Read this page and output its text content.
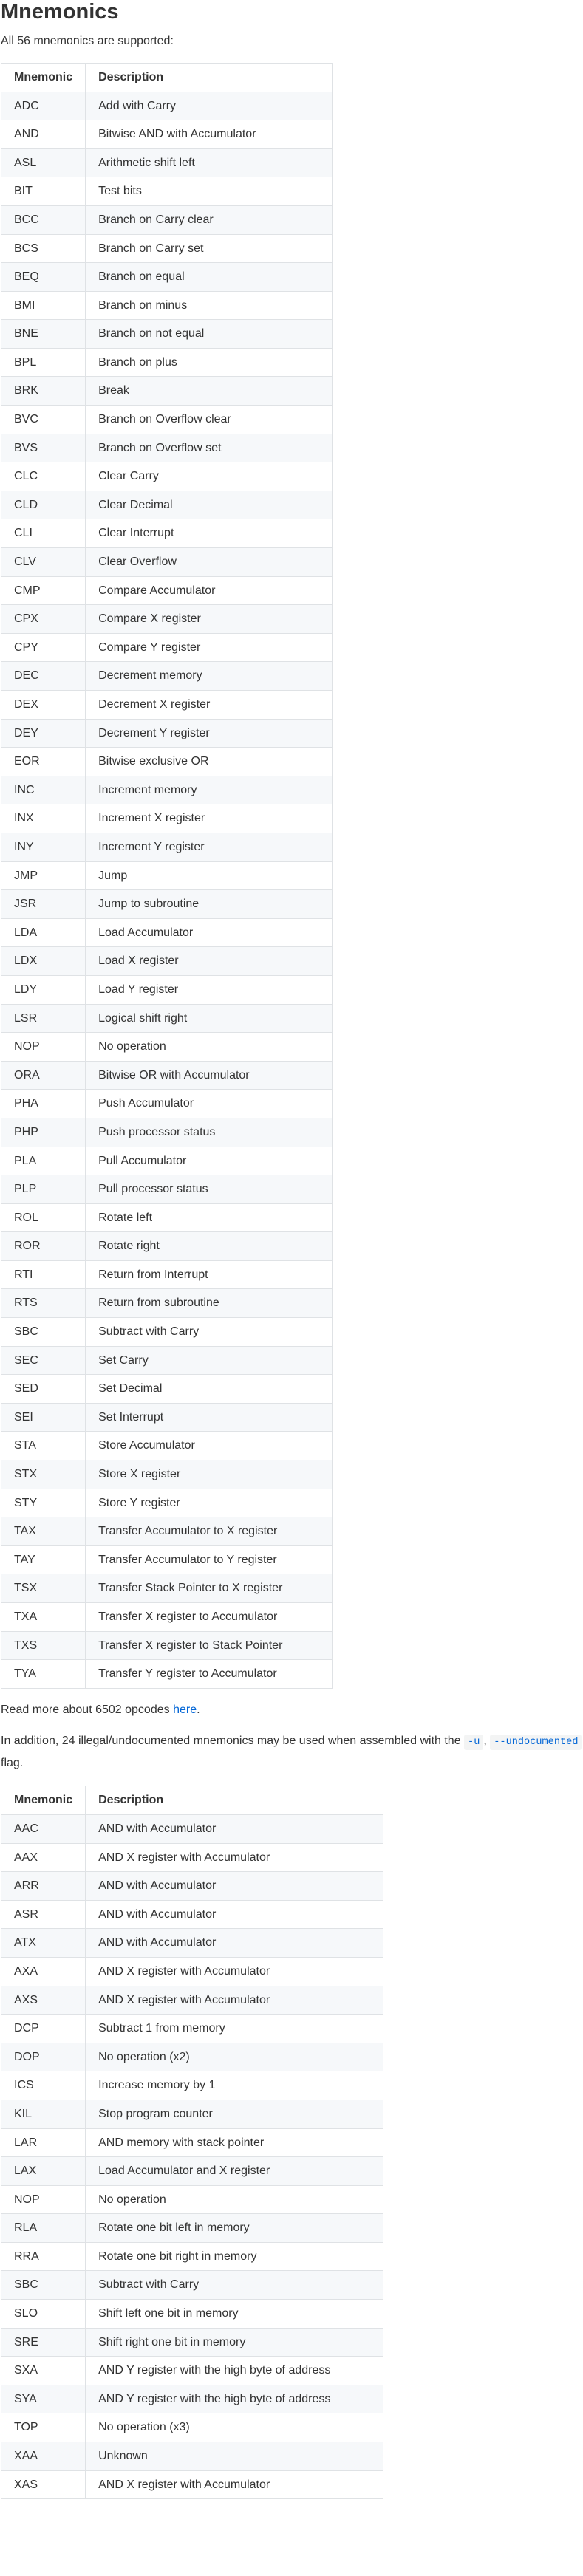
Mnemonics

All 56 mnemonics are supported:

Mnemonic	Description
ADC	Add with Carry
AND	Bitwise AND with Accumulator
ASL	Arithmetic shift left
BIT	Test bits
BCC	Branch on Carry clear
BCS	Branch on Carry set
BEQ	Branch on equal
BMI	Branch on minus
BNE	Branch on not equal
BPL	Branch on plus
BRK	Break
BVC	Branch on Overflow clear
BVS	Branch on Overflow set
CLC	Clear Carry
CLD	Clear Decimal
CLI	Clear Interrupt
CLV	Clear Overflow
CMP	Compare Accumulator
CPX	Compare X register
CPY	Compare Y register
DEC	Decrement memory
DEX	Decrement X register
DEY	Decrement Y register
EOR	Bitwise exclusive OR
INC	Increment memory
INX	Increment X register
INY	Increment Y register
JMP	Jump
JSR	Jump to subroutine
LDA	Load Accumulator
LDX	Load X register
LDY	Load Y register
LSR	Logical shift right
NOP	No operation
ORA	Bitwise OR with Accumulator
PHA	Push Accumulator
PHP	Push processor status
PLA	Pull Accumulator
PLP	Pull processor status
ROL	Rotate left
ROR	Rotate right
RTI	Return from Interrupt
RTS	Return from subroutine
SBC	Subtract with Carry
SEC	Set Carry
SED	Set Decimal
SEI	Set Interrupt
STA	Store Accumulator
STX	Store X register
STY	Store Y register
TAX	Transfer Accumulator to X register
TAY	Transfer Accumulator to Y register
TSX	Transfer Stack Pointer to X register
TXA	Transfer X register to Accumulator
TXS	Transfer X register to Stack Pointer
TYA	Transfer Y register to Accumulator

Read more about 6502 opcodes here.

In addition, 24 illegal/undocumented mnemonics may be used when assembled with the -u , --undocumented flag.

Mnemonic	Description
AAC	AND with Accumulator
AAX	AND X register with Accumulator
ARR	AND with Accumulator
ASR	AND with Accumulator
ATX	AND with Accumulator
AXA	AND X register with Accumulator
AXS	AND X register with Accumulator
DCP	Subtract 1 from memory
DOP	No operation (x2)
ICS	Increase memory by 1
KIL	Stop program counter
LAR	AND memory with stack pointer
LAX	Load Accumulator and X register
NOP	No operation
RLA	Rotate one bit left in memory
RRA	Rotate one bit right in memory
SBC	Subtract with Carry
SLO	Shift left one bit in memory
SRE	Shift right one bit in memory
SXA	AND Y register with the high byte of address
SYA	AND Y register with the high byte of address
TOP	No operation (x3)
XAA	Unknown
XAS	AND X register with Accumulator
